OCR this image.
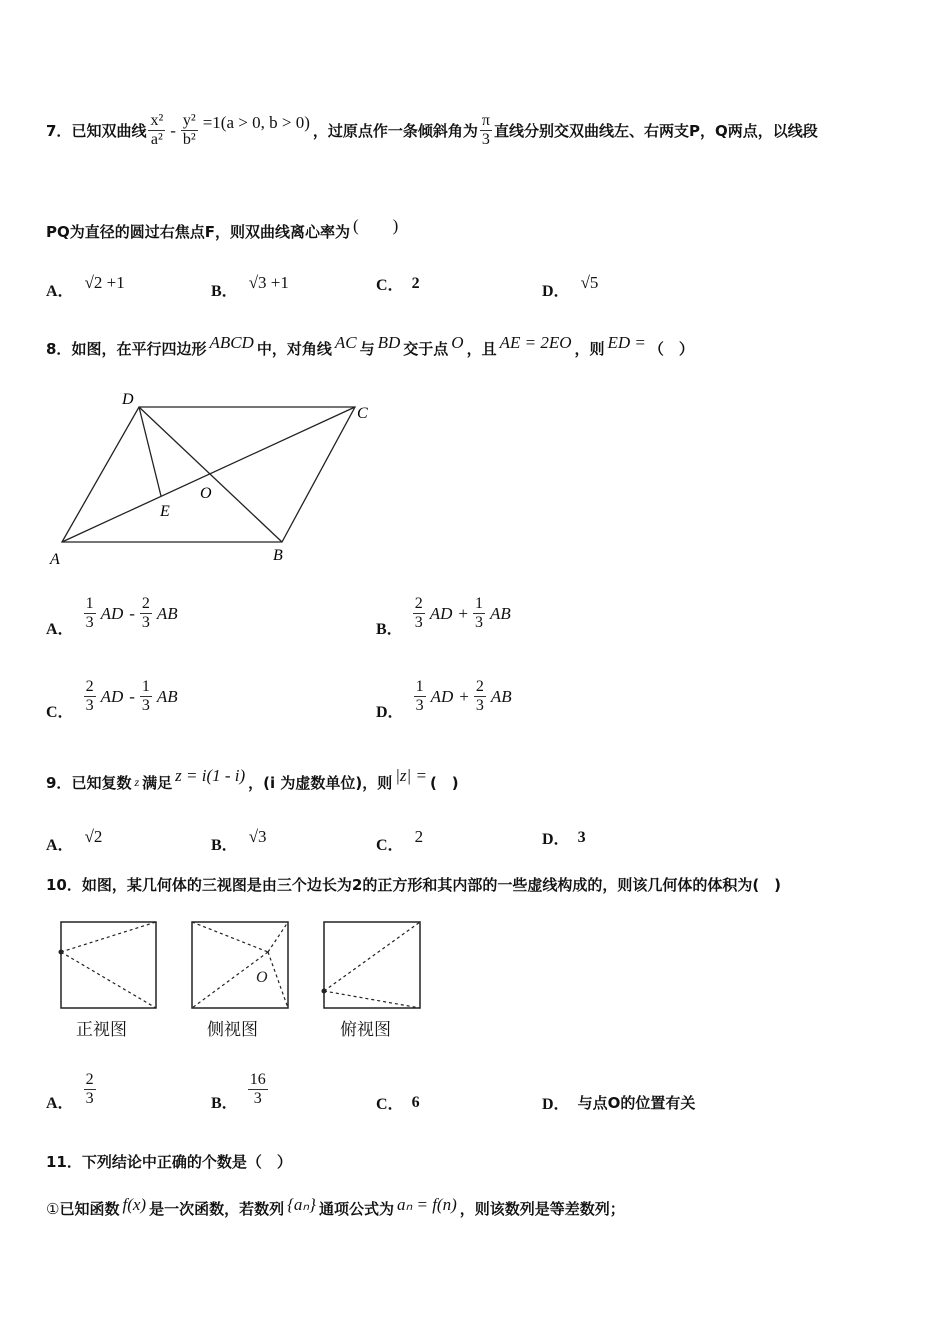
7． 已知双曲线 $\frac{\text{x²}}{\text{a²}} - \frac{\text{y²}}{\text{b²}} =1(a > 0$, b > 0) ，过原点作一条倾斜角为 $\frac{\pi}{3}$ 直线分别交双曲线左、右两支P，Q两点，以线段
PQ为直径的圆过右焦点F，则双曲线离心率为 (　　)
A． √2 +1	B． √3 +1	C． 2	D． √5
8． 如图，在平行四边形 ABCD 中，对角线 AC 与 BD 交于点 O ，且 AE = 2EO ，则 ED = （　）
D
C
A	B
E
O
A． $\frac{1}{3}$ AD - $\frac{2}{3}$ AB
B． $\frac{2}{3}$ AD + $\frac{1}{3}$ AB
C． $\frac{2}{3}$ AD - $\frac{1}{3}$ AB
D． $\frac{1}{3}$ AD + $\frac{2}{3}$ AB
9． 已知复数 z 满足 z = i(1 - i) ，(i 为虚数单位)，则 |z| = (　)
A． √2	B． √3	C． 2	D． 3
10． 如图，某几何体的三视图是由三个边长为2的正方形和其内部的一些虚线构成的，则该几何体的体积为(　)
O
正视图	侧视图	俯视图
A． $\frac{2}{3}$	B． $\frac{16}{3}$	C． 6	D． 与点O的位置有关
11． 下列结论中正确的个数是（　）
① 已知函数 f(x) 是一次函数，若数列 {aₙ} 通项公式为 aₙ = f(n) ，则该数列是等差数列；
